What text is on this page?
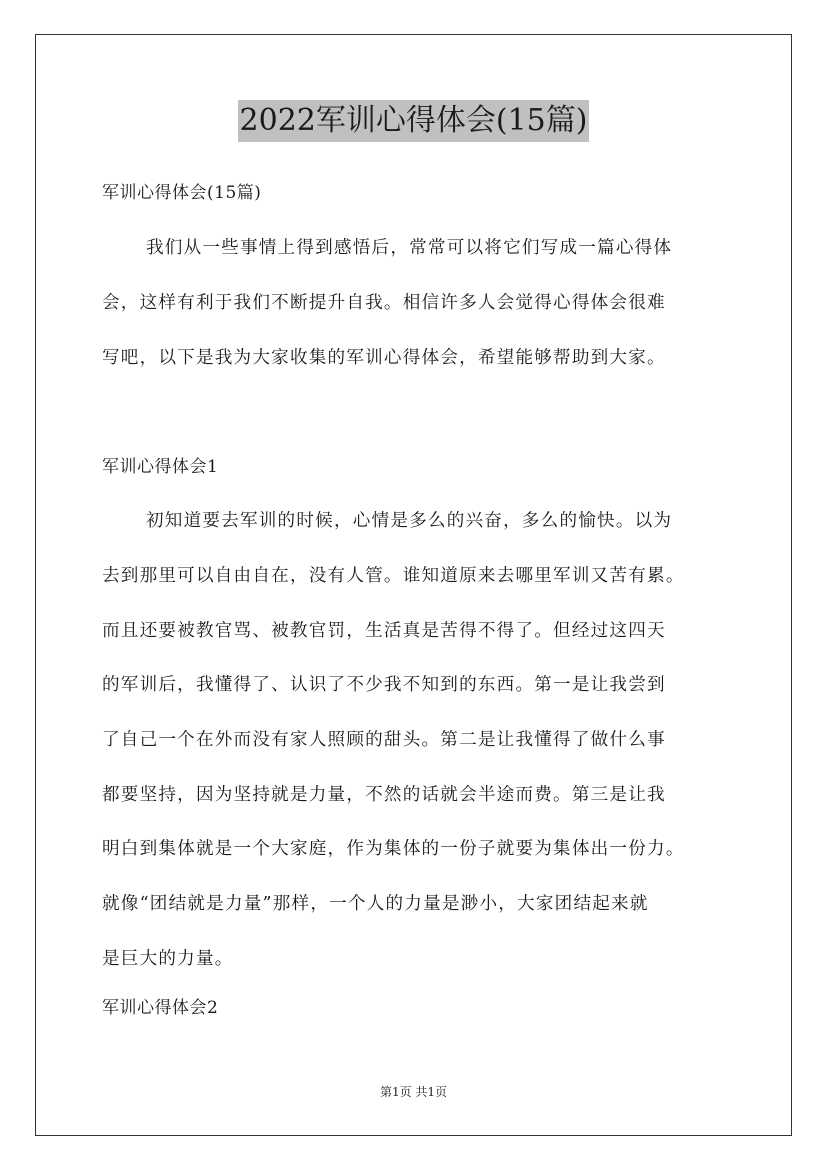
2022军训心得体会(15篇)

军训心得体会(15篇)

我们从一些事情上得到感悟后，常常可以将它们写成一篇心得体

会，这样有利于我们不断提升自我。相信许多人会觉得心得体会很难

写吧，以下是我为大家收集的军训心得体会，希望能够帮助到大家。

军训心得体会1

初知道要去军训的时候，心情是多么的兴奋，多么的愉快。以为

去到那里可以自由自在，没有人管。谁知道原来去哪里军训又苦有累。

而且还要被教官骂、被教官罚，生活真是苦得不得了。但经过这四天

的军训后，我懂得了、认识了不少我不知到的东西。第一是让我尝到

了自己一个在外而没有家人照顾的甜头。第二是让我懂得了做什么事

都要坚持，因为坚持就是力量，不然的话就会半途而费。第三是让我

明白到集体就是一个大家庭，作为集体的一份子就要为集体出一份力。

就像“团结就是力量”那样，一个人的力量是渺小，大家团结起来就

是巨大的力量。

军训心得体会2

第1页 共1页
